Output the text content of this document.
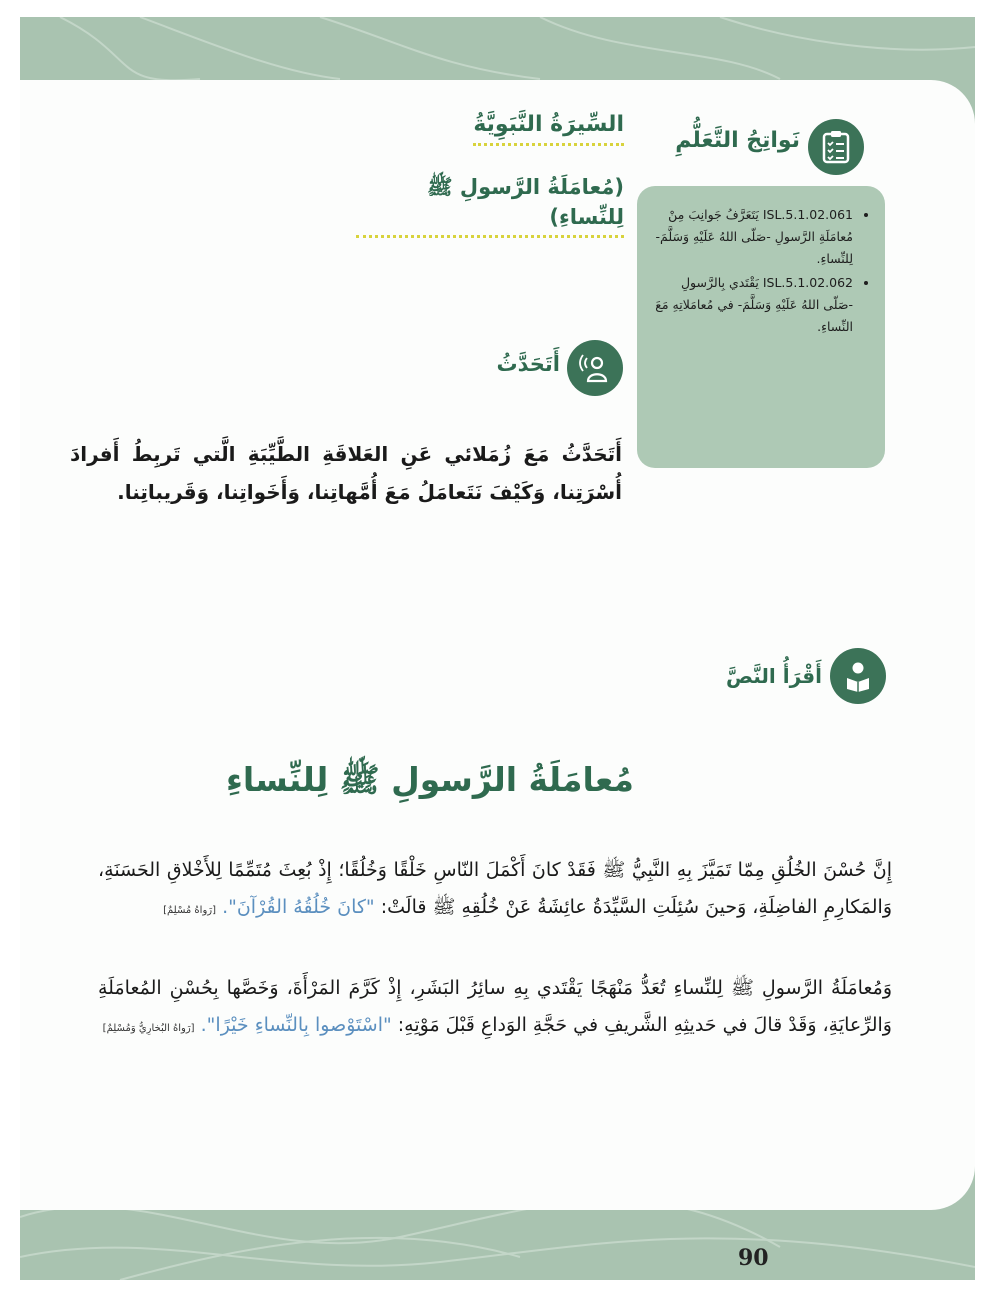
السِّيرَةُ النَّبَوِيَّةُ
(مُعامَلَةُ الرَّسولِ ﷺ لِلنِّساءِ)
نَواتِجُ التَّعَلُّمِ
• ISL.5.1.02.061 يَتَعَرَّفُ جَوانِبَ مِنْ مُعامَلَةِ الرَّسولِ -صَلّى اللهُ عَلَيْهِ وَسَلَّمَ- لِلنِّساءِ.
• ISL.5.1.02.062 يَقْتَدي بِالرَّسولِ -صَلّى اللهُ عَلَيْهِ وَسَلَّمَ- في مُعامَلاتِهِ مَعَ النِّساءِ.
أَتَحَدَّثُ
أَتَحَدَّثُ مَعَ زُمَلائي عَنِ العَلاقَةِ الطَّيِّبَةِ الَّتي تَربِطُ أَفرادَ أُسْرَتِنا، وَكَيْفَ نَتَعامَلُ مَعَ أُمَّهاتِنا، وَأَخَواتِنا، وَقَريباتِنا.
أَقْرَأُ النَّصَّ
مُعامَلَةُ الرَّسولِ ﷺ لِلنِّساءِ
إِنَّ حُسْنَ الخُلُقِ مِمّا تَمَيَّزَ بِهِ النَّبِيُّ ﷺ فَقَدْ كانَ أَكْمَلَ النّاسِ خَلْقًا وَخُلُقًا؛ إِذْ بُعِثَ مُتَمِّمًا لِلأَخْلاقِ الحَسَنَةِ، وَالمَكارِمِ الفاضِلَةِ، وَحينَ سُئِلَتِ السَّيِّدَةُ عائِشَةُ عَنْ خُلُقِهِ ﷺ قالَتْ: "كانَ خُلُقُهُ القُرْآنَ". [رَواهُ مُسْلِمٌ]
وَمُعامَلَةُ الرَّسولِ ﷺ لِلنِّساءِ تُعَدُّ مَنْهَجًا يَقْتَدي بِهِ سائِرُ البَشَرِ، إِذْ كَرَّمَ المَرْأَةَ، وَخَصَّها بِحُسْنِ المُعامَلَةِ وَالرِّعايَةِ، وَقَدْ قالَ في حَديثِهِ الشَّريفِ في حَجَّةِ الوَداعِ قَبْلَ مَوْتِهِ: "اسْتَوْصوا بِالنِّساءِ خَيْرًا". [رَواهُ البُخارِيُّ وَمُسْلِمٌ]
90
